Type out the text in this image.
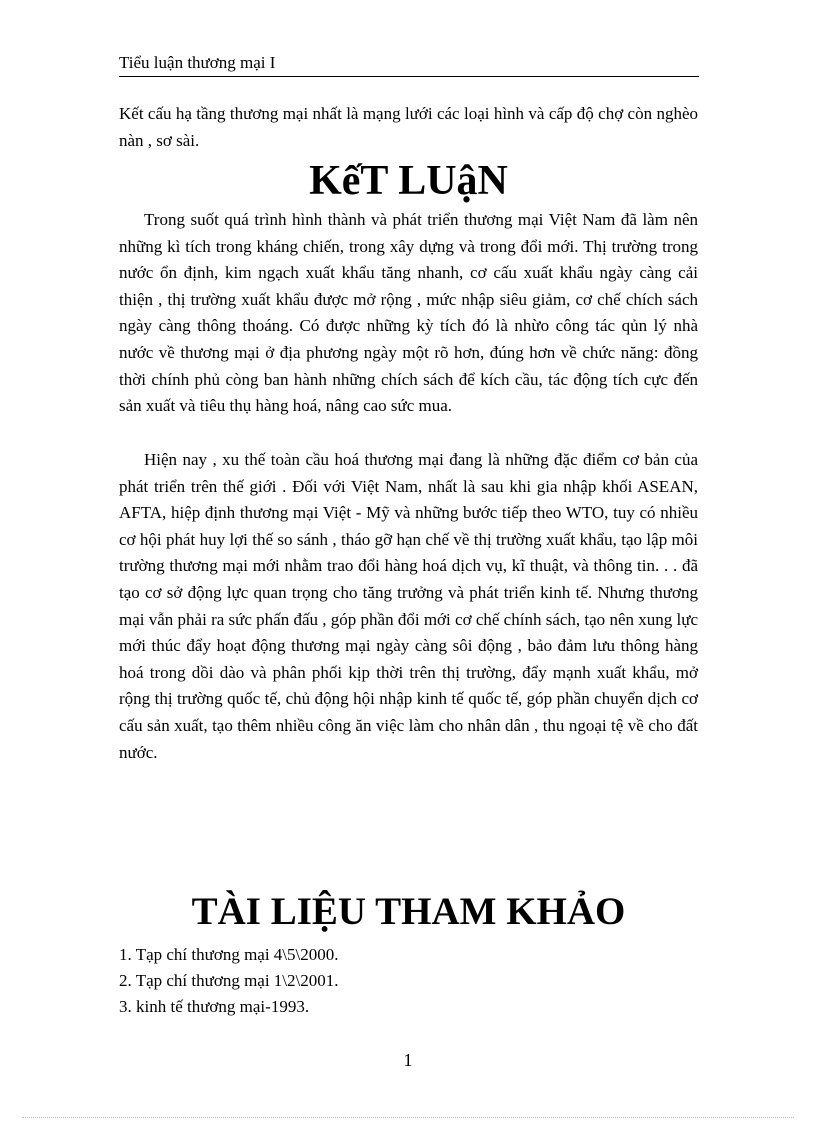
Tiểu luận thương mại I

Kết cấu hạ tầng thương mại nhất là mạng lưới các loại hình và cấp độ chợ còn nghèo nàn , sơ sài.

KếT LUậN

Trong suốt quá trình hình thành và phát triển thương mại Việt Nam đã làm nên những kì tích trong kháng chiến, trong xây dựng và trong đổi mới. Thị trường trong nước ổn định, kim ngạch xuất khẩu tăng nhanh, cơ cấu xuất khẩu ngày càng cải thiện , thị trường xuất khẩu được mở rộng , mức nhập siêu giảm, cơ chế chích sách ngày càng thông thoáng. Có được những kỳ tích đó là nhừo công tác qủn lý nhà nước về thương mại ở địa phương ngày một rõ hơn, đúng hơn về chức năng: đồng thời chính phủ còng ban hành những chích sách để kích cầu, tác động tích cực đến sản xuất và tiêu thụ hàng hoá, nâng cao sức mua.

Hiện nay , xu thế toàn cầu hoá thương mại đang là những đặc điểm cơ bản của phát triển trên thế giới . Đối với Việt Nam, nhất là sau khi gia nhập khối ASEAN, AFTA, hiệp định thương mại Việt - Mỹ và những bước tiếp theo WTO, tuy có nhiều cơ hội phát huy lợi thế so sánh , tháo gỡ hạn chế về thị trường xuất khẩu, tạo lập môi trường thương mại mới nhằm trao đổi hàng hoá dịch vụ, kĩ thuật, và thông tin. . . đã tạo cơ sở động lực quan trọng cho tăng trưởng và phát triển kinh tế. Nhưng thương mại vẫn phải ra sức phấn đấu , góp phần đổi mới cơ chế chính sách, tạo nên xung lực mới thúc đẩy hoạt động thương mại ngày càng sôi động , bảo đảm lưu thông hàng hoá trong dồi dào và phân phối kịp thời trên thị trường, đẩy mạnh xuất khẩu, mở rộng thị trường quốc tế, chủ động hội nhập kinh tế quốc tế, góp phần chuyển dịch cơ cấu sản xuất, tạo thêm nhiều công ăn việc làm cho nhân dân , thu ngoại tệ về cho đất nước.

TÀI LIỆU THAM KHẢO
1. Tạp chí thương mại 4\5\2000.
2. Tạp chí thương mại 1\2\2001.
3. kinh tế thương mại-1993.
1
